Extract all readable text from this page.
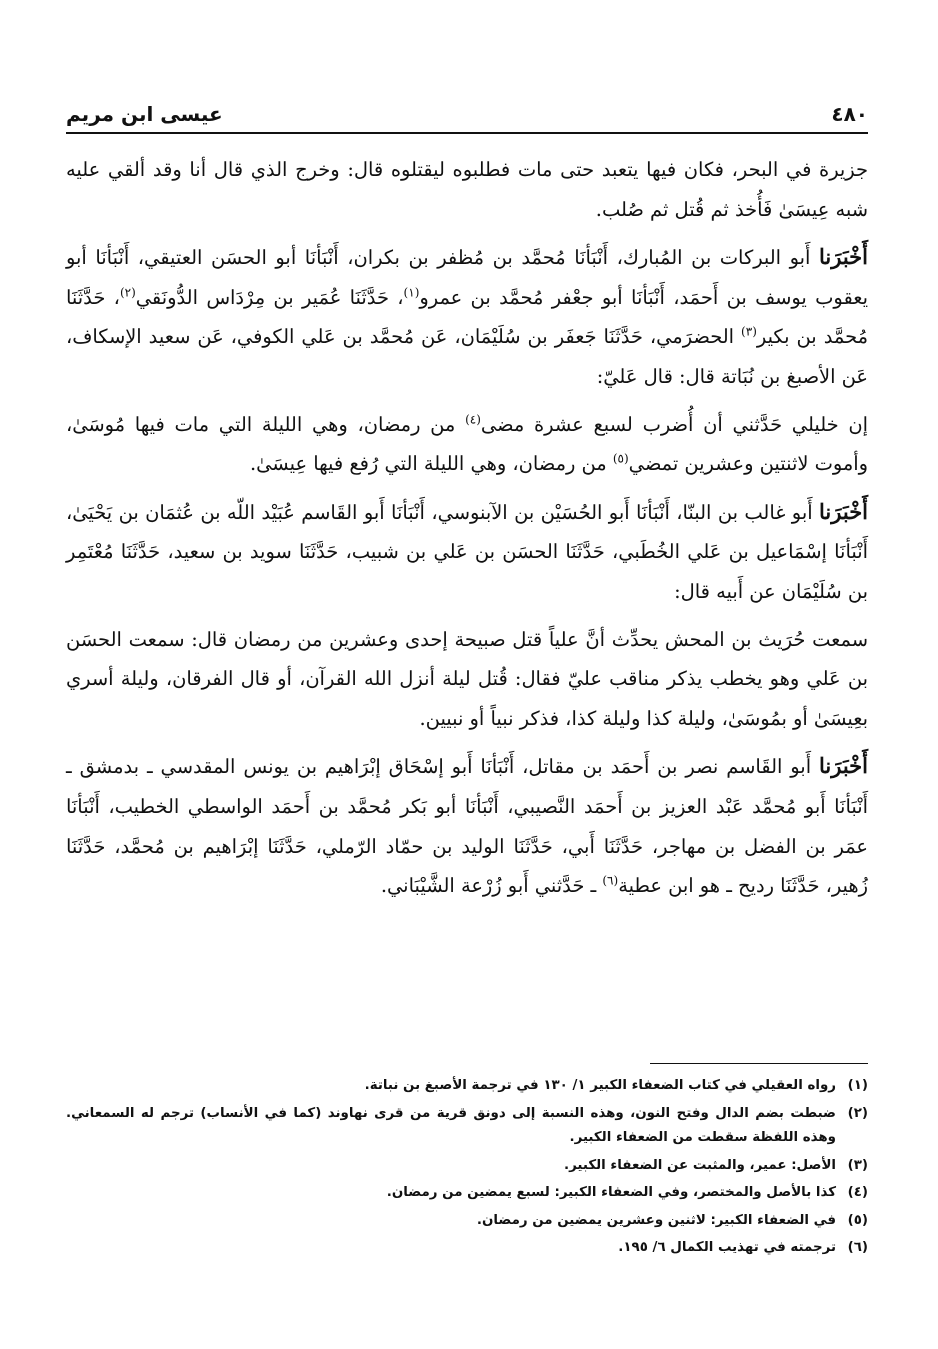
٤٨٠
عيسى ابن مريم

جزيرة في البحر، فكان فيها يتعبد حتى مات فطلبوه ليقتلوه قال: وخرج الذي قال أنا وقد ألقي عليه شبه عِيسَىٰ فَأُخذ ثم قُتل ثم صُلب.

أَخْبَرَنا أَبو البركات بن المُبارك، أَنْبَأنَا مُحمَّد بن مُظفر بن بكران، أَنْبَأنَا أبو الحسَن العتيقي، أَنْبَأنَا أبو يعقوب يوسف بن أَحمَد، أَنْبَأنَا أبو جعْفر مُحمَّد بن عمرو$^{(١)}$، حَدَّثَنَا عُمَير بن مِرْدَاس الدُّونَقي$^{(٢)}$، حَدَّثَنَا مُحمَّد بن بكير$^{(٣)}$ الحضرَمي، حَدَّثَنَا جَعفَر بن سُلَيْمَان، عَن مُحمَّد بن عَلي الكوفي، عَن سعيد الإسكاف، عَن الأصبغ بن نُبَاتة قال: قال عَليّ:

إن خليلي حَدَّثني أن أُضرب لسبع عشرة مضى$^{(٤)}$ من رمضان، وهي الليلة التي مات فيها مُوسَىٰ، وأموت لاثنتين وعشرين تمضي$^{(٥)}$ من رمضان، وهي الليلة التي رُفع فيها عِيسَىٰ.

أَخْبَرَنا أَبو غالب بن البنّا، أَنْبَأنَا أَبو الحُسَيْن بن الآبنوسي، أَنْبَأنَا أَبو القَاسم عُبَيْد اللّه بن عُثمَان بن يَحْيَىٰ، أَنْبَأنَا إسْمَاعيل بن عَلي الخُطَبي، حَدَّثَنَا الحسَن بن عَلي بن شبيب، حَدَّثَنَا سويد بن سعيد، حَدَّثَنَا مُعْتَمِر بن سُلَيْمَان عن أَبيه قال:

سمعت حُرَيث بن المحش يحدِّث أنَّ علياً قتل صبيحة إحدى وعشرين من رمضان قال: سمعت الحسَن بن عَلي وهو يخطب يذكر مناقب عليّ فقال: قُتل ليلة أنزل الله القرآن، أو قال الفرقان، وليلة أسري بعِيسَىٰ أو بمُوسَىٰ، وليلة كذا وليلة كذا، فذكر نبياً أو نبيين.

أَخْبَرَنا أَبو القَاسم نصر بن أَحمَد بن مقاتل، أَنْبَأنَا أَبو إسْحَاق إبْرَاهيم بن يونس المقدسي ـ بدمشق ـ أَنْبَأنَا أَبو مُحمَّد عَبْد العزيز بن أَحمَد النَّصيبي، أَنْبَأنَا أبو بَكر مُحمَّد بن أَحمَد الواسطي الخطيب، أَنْبَأنَا عمَر بن الفضل بن مهاجر، حَدَّثَنَا أَبي، حَدَّثَنَا الوليد بن حمّاد الرّملي، حَدَّثَنَا إبْرَاهيم بن مُحمَّد، حَدَّثَنَا زُهير، حَدَّثَنَا رديح ـ هو ابن عطية$^{(٦)}$ ـ حَدَّثني أَبو زُرْعة الشَّيْبَاني.

(١)
رواه العقيلي في كتاب الضعفاء الكبير ١/ ١٣٠ في ترجمة الأصبغ بن نباتة.
(٢)
ضبطت بضم الدال وفتح النون، وهذه النسبة إلى دونق قرية من قرى نهاوند (كما في الأنساب) ترجم له السمعاني. وهذه اللفظة سقطت من الضعفاء الكبير.
(٣)
الأصل: عمير، والمثبت عن الضعفاء الكبير.
(٤)
كذا بالأصل والمختصر، وفي الضعفاء الكبير: لسبع يمضين من رمضان.
(٥)
في الضعفاء الكبير: لاثنين وعشرين يمضين من رمضان.
(٦)
ترجمته في تهذيب الكمال ٦/ ١٩٥.
